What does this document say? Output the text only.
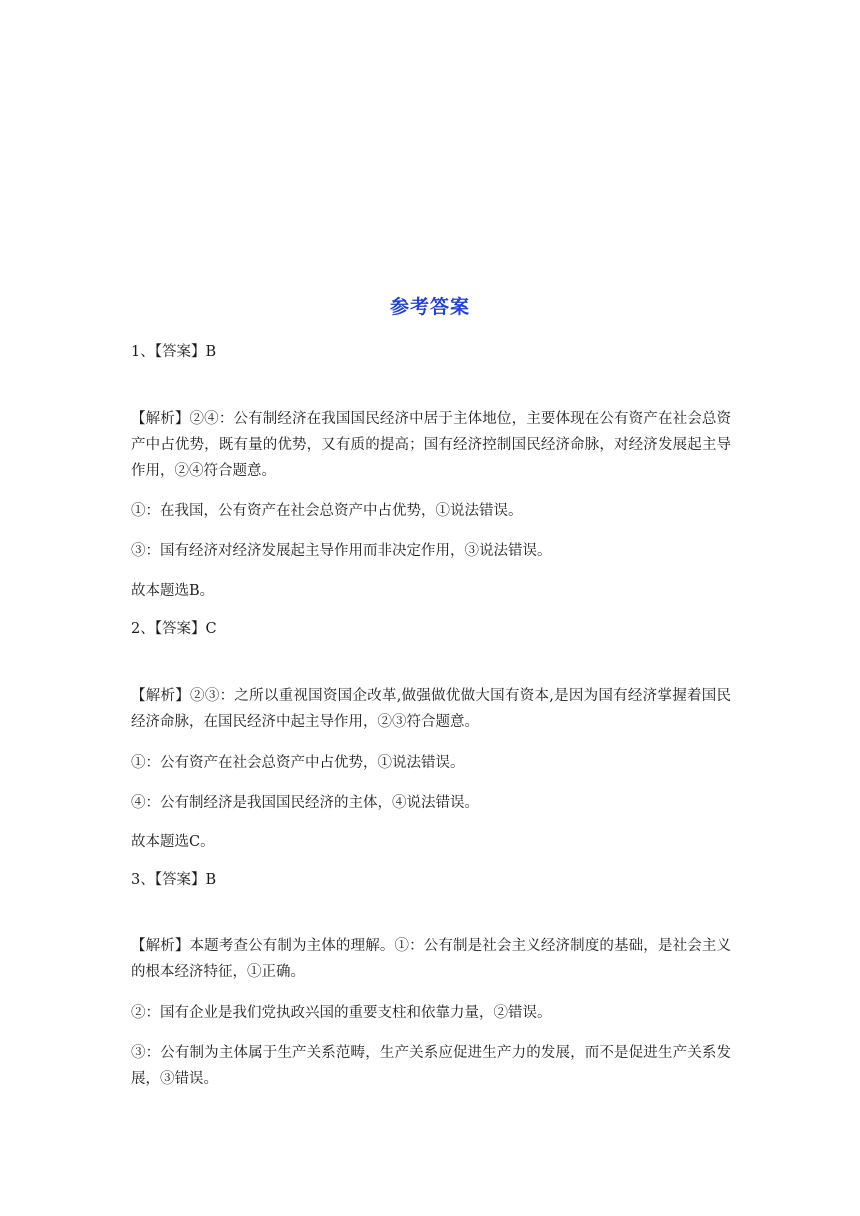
参考答案
1、【答案】B
【解析】②④：公有制经济在我国国民经济中居于主体地位，主要体现在公有资产在社会总资产中占优势，既有量的优势，又有质的提高；国有经济控制国民经济命脉，对经济发展起主导作用，②④符合题意。
①：在我国，公有资产在社会总资产中占优势，①说法错误。
③：国有经济对经济发展起主导作用而非决定作用，③说法错误。
故本题选B。
2、【答案】C
【解析】②③：之所以重视国资国企改革,做强做优做大国有资本,是因为国有经济掌握着国民经济命脉，在国民经济中起主导作用，②③符合题意。
①：公有资产在社会总资产中占优势，①说法错误。
④：公有制经济是我国国民经济的主体，④说法错误。
故本题选C。
3、【答案】B
【解析】本题考查公有制为主体的理解。①：公有制是社会主义经济制度的基础，是社会主义的根本经济特征，①正确。
②：国有企业是我们党执政兴国的重要支柱和依靠力量，②错误。
③：公有制为主体属于生产关系范畴，生产关系应促进生产力的发展，而不是促进生产关系发展，③错误。
